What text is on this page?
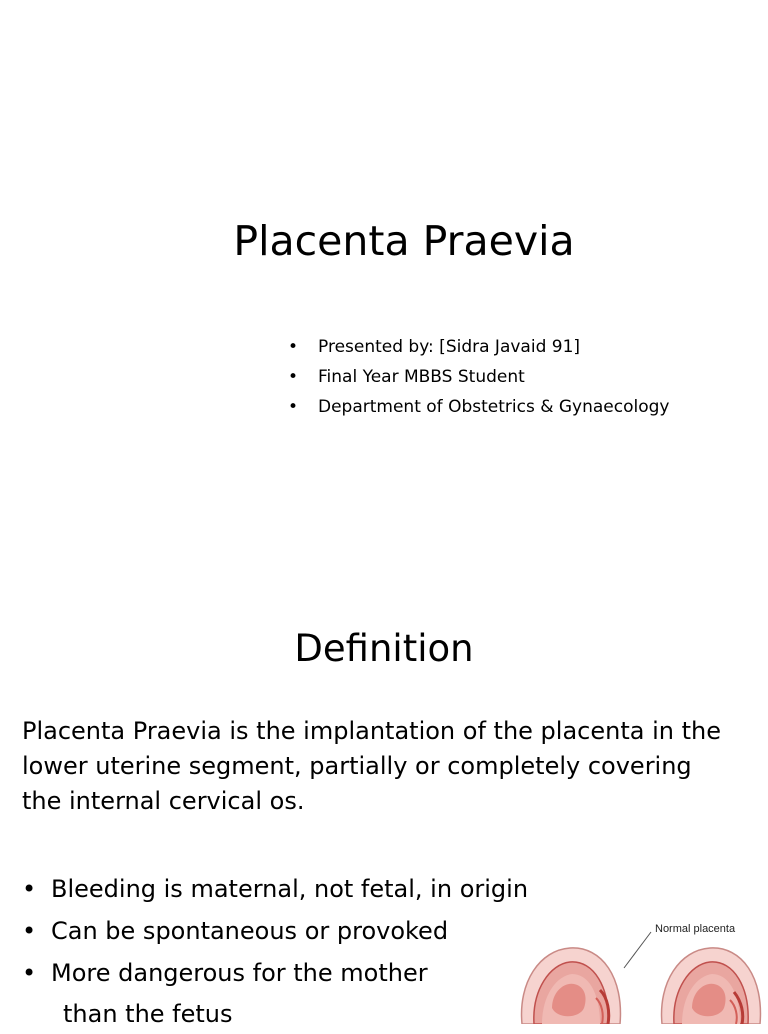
Placenta Praevia
• Presented by: [Sidra Javaid 91]
• Final Year MBBS Student
• Department of Obstetrics & Gynaecology
Definition

Placenta Praevia is the implantation of the placenta in the lower uterine segment, partially or completely covering the internal cervical os.

• Bleeding is maternal, not fetal, in origin
• Can be spontaneous or provoked
• More dangerous for the mother
than the fetus
Normal placenta
